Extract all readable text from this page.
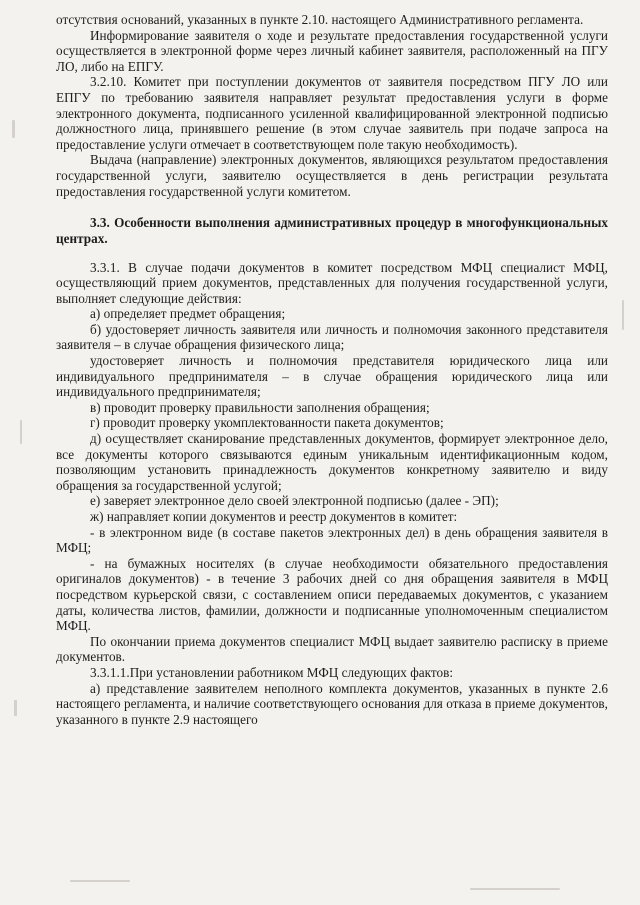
отсутствия оснований, указанных в пункте 2.10. настоящего Административного регламента.

Информирование заявителя о ходе и результате предоставления государственной услуги осуществляется в электронной форме через личный кабинет заявителя, расположенный на ПГУ ЛО, либо на ЕПГУ.

3.2.10. Комитет при поступлении документов от заявителя посредством ПГУ ЛО или ЕПГУ по требованию заявителя направляет результат предоставления услуги в форме электронного документа, подписанного усиленной квалифицированной электронной подписью должностного лица, принявшего решение (в этом случае заявитель при подаче запроса на предоставление услуги отмечает в соответствующем поле такую необходимость).

Выдача (направление) электронных документов, являющихся результатом предоставления государственной услуги, заявителю осуществляется в день регистрации результата предоставления государственной услуги комитетом.

3.3. Особенности выполнения административных процедур в многофункциональных центрах.

3.3.1. В случае подачи документов в комитет посредством МФЦ специалист МФЦ, осуществляющий прием документов, представленных для получения государственной услуги, выполняет следующие действия:

а) определяет предмет обращения;

б) удостоверяет личность заявителя или личность и полномочия законного представителя заявителя – в случае обращения физического лица;

удостоверяет личность и полномочия представителя юридического лица или индивидуального предпринимателя – в случае обращения юридического лица или индивидуального предпринимателя;

в) проводит проверку правильности заполнения обращения;

г) проводит проверку укомплектованности пакета документов;

д) осуществляет сканирование представленных документов, формирует электронное дело, все документы которого связываются единым уникальным идентификационным кодом, позволяющим установить принадлежность документов конкретному заявителю и виду обращения за государственной услугой;

е) заверяет электронное дело своей электронной подписью (далее - ЭП);

ж) направляет копии документов и реестр документов в комитет:

- в электронном виде (в составе пакетов электронных дел) в день обращения заявителя в МФЦ;

- на бумажных носителях (в случае необходимости обязательного предоставления оригиналов документов) - в течение 3 рабочих дней со дня обращения заявителя в МФЦ посредством курьерской связи, с составлением описи передаваемых документов, с указанием даты, количества листов, фамилии, должности и подписанные уполномоченным специалистом МФЦ.

По окончании приема документов специалист МФЦ выдает заявителю расписку в приеме документов.

3.3.1.1.При установлении работником МФЦ следующих фактов:

а) представление заявителем неполного комплекта документов, указанных в пункте 2.6 настоящего регламента, и наличие соответствующего основания для отказа в приеме документов, указанного в пункте 2.9 настоящего
